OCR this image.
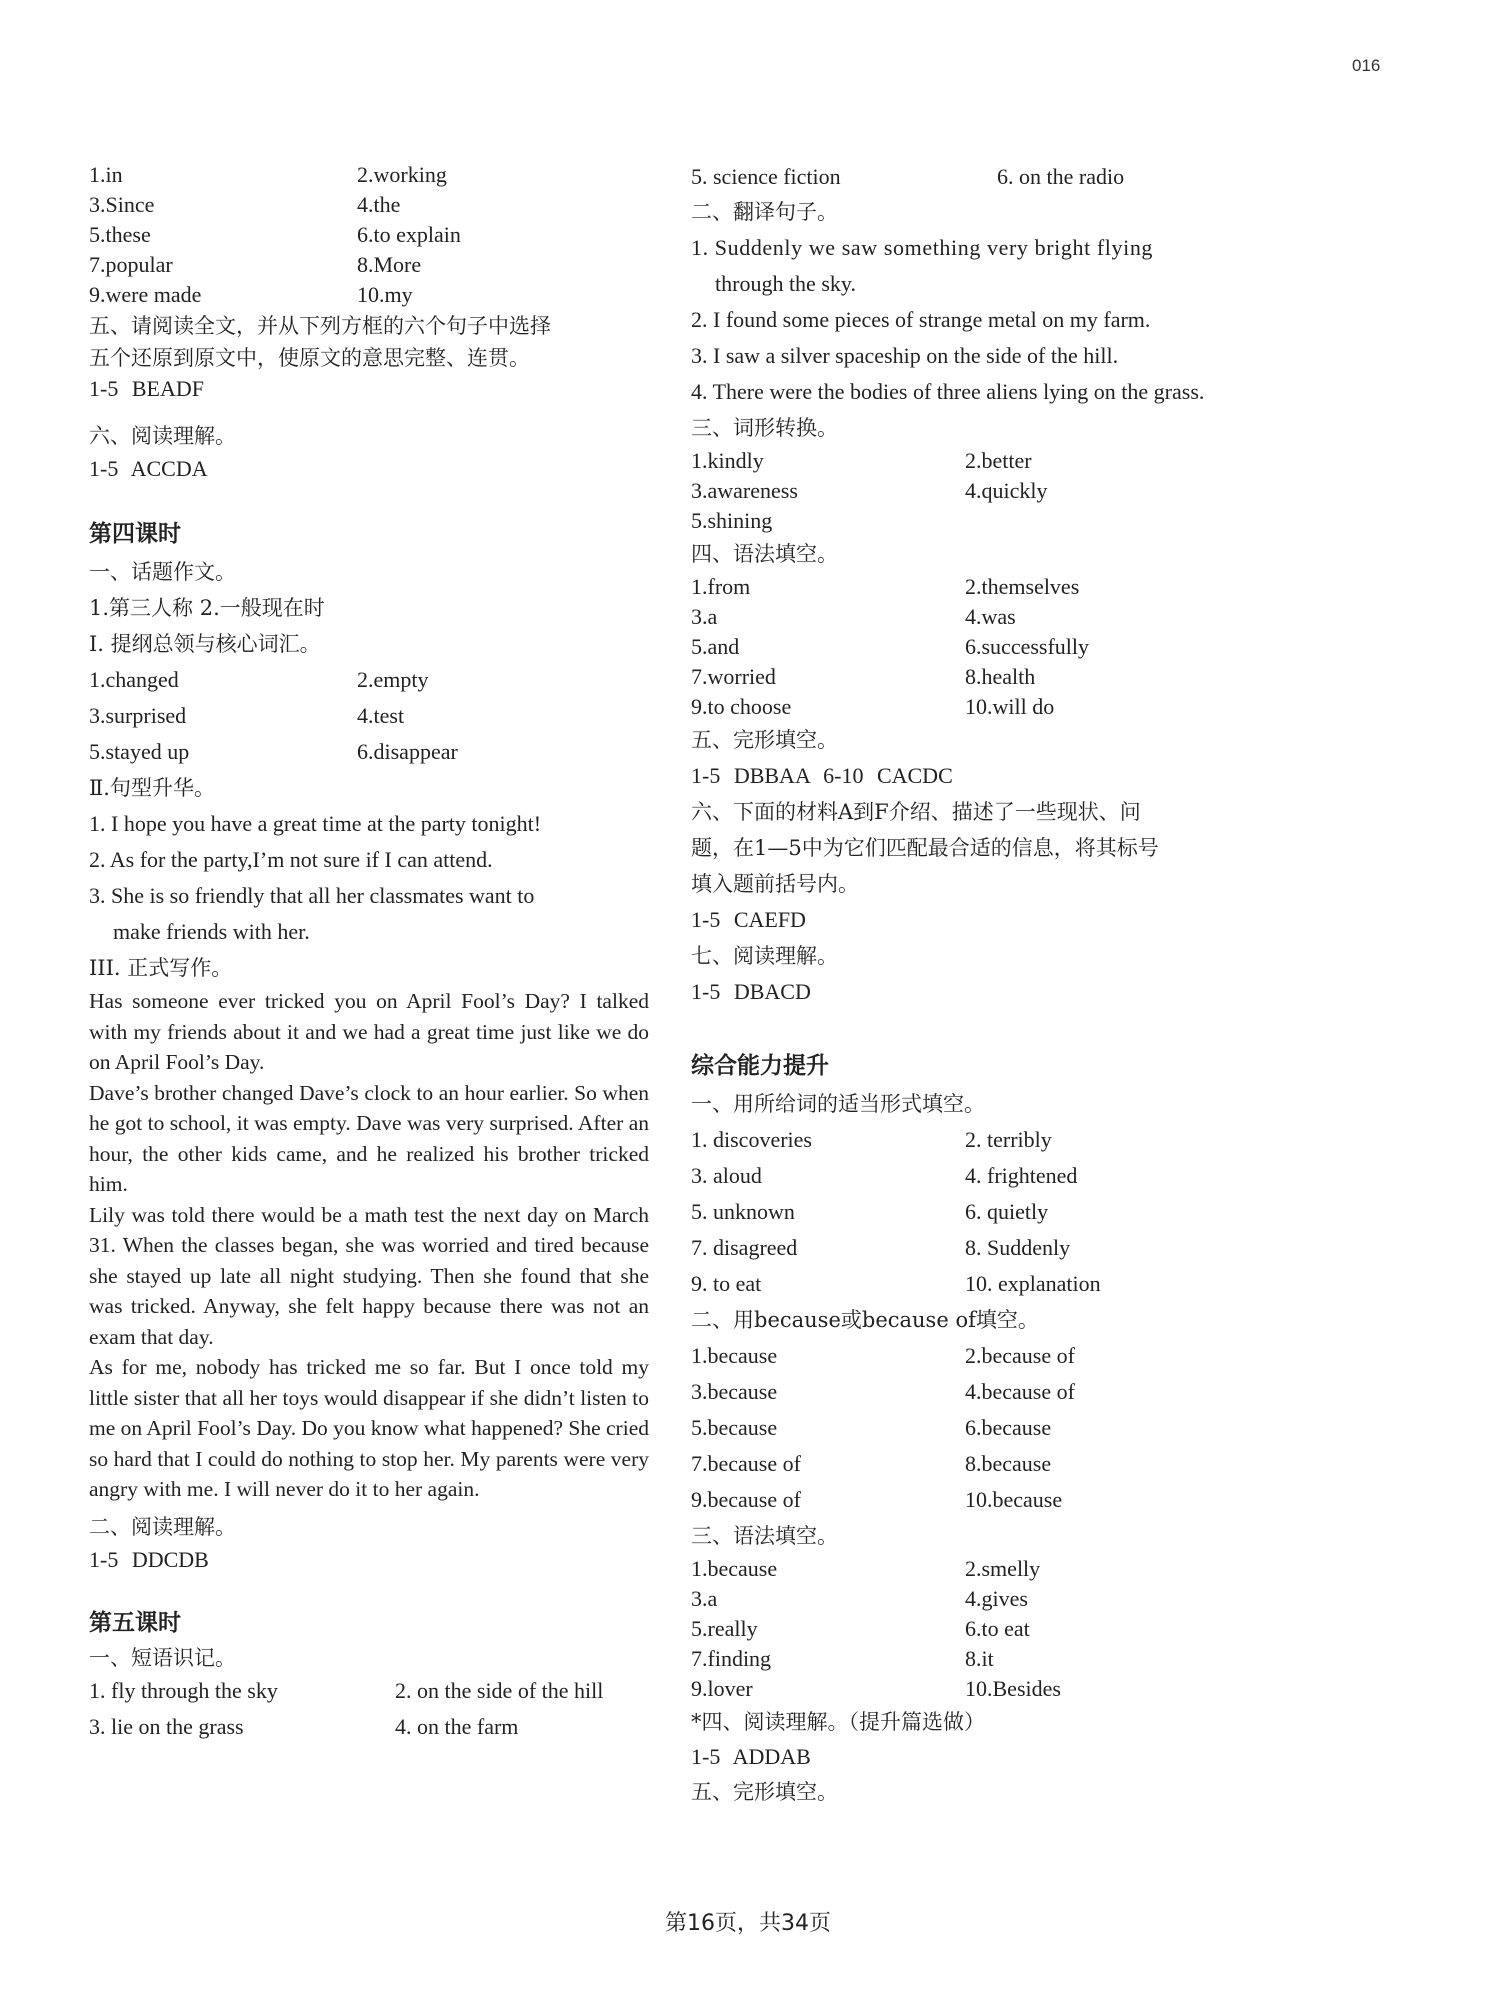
016
1.in	2.working
3.Since	4.the
5.these	6.to explain
7.popular	8.More
9.were made	10.my
五、请阅读全文，并从下列方框的六个句子中选择
五个还原到原文中，使原文的意思完整、连贯。
1-5 BEADF
六、阅读理解。
1-5 ACCDA
第四课时
一、话题作文。
1.第三人称 2.一般现在时
Ⅰ. 提纲总领与核心词汇。
1.changed	2.empty
3.surprised	4.test
5.stayed up	6.disappear
Ⅱ.句型升华。
1. I hope you have a great time at the party tonight!
2. As for the party,I’m not sure if I can attend.
3. She is so friendly that all her classmates want to
make friends with her.
III. 正式写作。
Has someone ever tricked you on April Fool’s Day? I talked with my friends about it and we had a great time just like we do on April Fool’s Day.
Dave’s brother changed Dave’s clock to an hour earlier. So when he got to school, it was empty. Dave was very surprised. After an hour, the other kids came, and he realized his brother tricked him.
Lily was told there would be a math test the next day on March 31. When the classes began, she was worried and tired because she stayed up late all night studying. Then she found that she was tricked. Anyway, she felt happy because there was not an exam that day.
As for me, nobody has tricked me so far. But I once told my little sister that all her toys would disappear if she didn’t listen to me on April Fool’s Day. Do you know what happened? She cried so hard that I could do nothing to stop her. My parents were very angry with me. I will never do it to her again.
二、阅读理解。
1-5 DDCDB
第五课时
一、短语识记。
1. fly through the sky	2. on the side of the hill
3. lie on the grass	4. on the farm
5. science fiction	6. on the radio
二、翻译句子。
1. Suddenly we saw something very bright flying
through the sky.
2. I found some pieces of strange metal on my farm.
3. I saw a silver spaceship on the side of the hill.
4. There were the bodies of three aliens lying on the grass.
三、词形转换。
1.kindly	2.better
3.awareness	4.quickly
5.shining
四、语法填空。
1.from	2.themselves
3.a	4.was
5.and	6.successfully
7.worried	8.health
9.to choose	10.will do
五、完形填空。
1-5 DBBAA 6-10 CACDC
六、下面的材料A到F介绍、描述了一些现状、问
题，在1—5中为它们匹配最合适的信息，将其标号
填入题前括号内。
1-5 CAEFD
七、阅读理解。
1-5 DBACD
综合能力提升
一、用所给词的适当形式填空。
1. discoveries	2. terribly
3. aloud	4. frightened
5. unknown	6. quietly
7. disagreed	8. Suddenly
9. to eat	10. explanation
二、用because或because of填空。
1.because	2.because of
3.because	4.because of
5.because	6.because
7.because of	8.because
9.because of	10.because
三、语法填空。
1.because	2.smelly
3.a	4.gives
5.really	6.to eat
7.finding	8.it
9.lover	10.Besides
*四、阅读理解。（提升篇选做）
1-5 ADDAB
五、完形填空。
第16页，共34页
